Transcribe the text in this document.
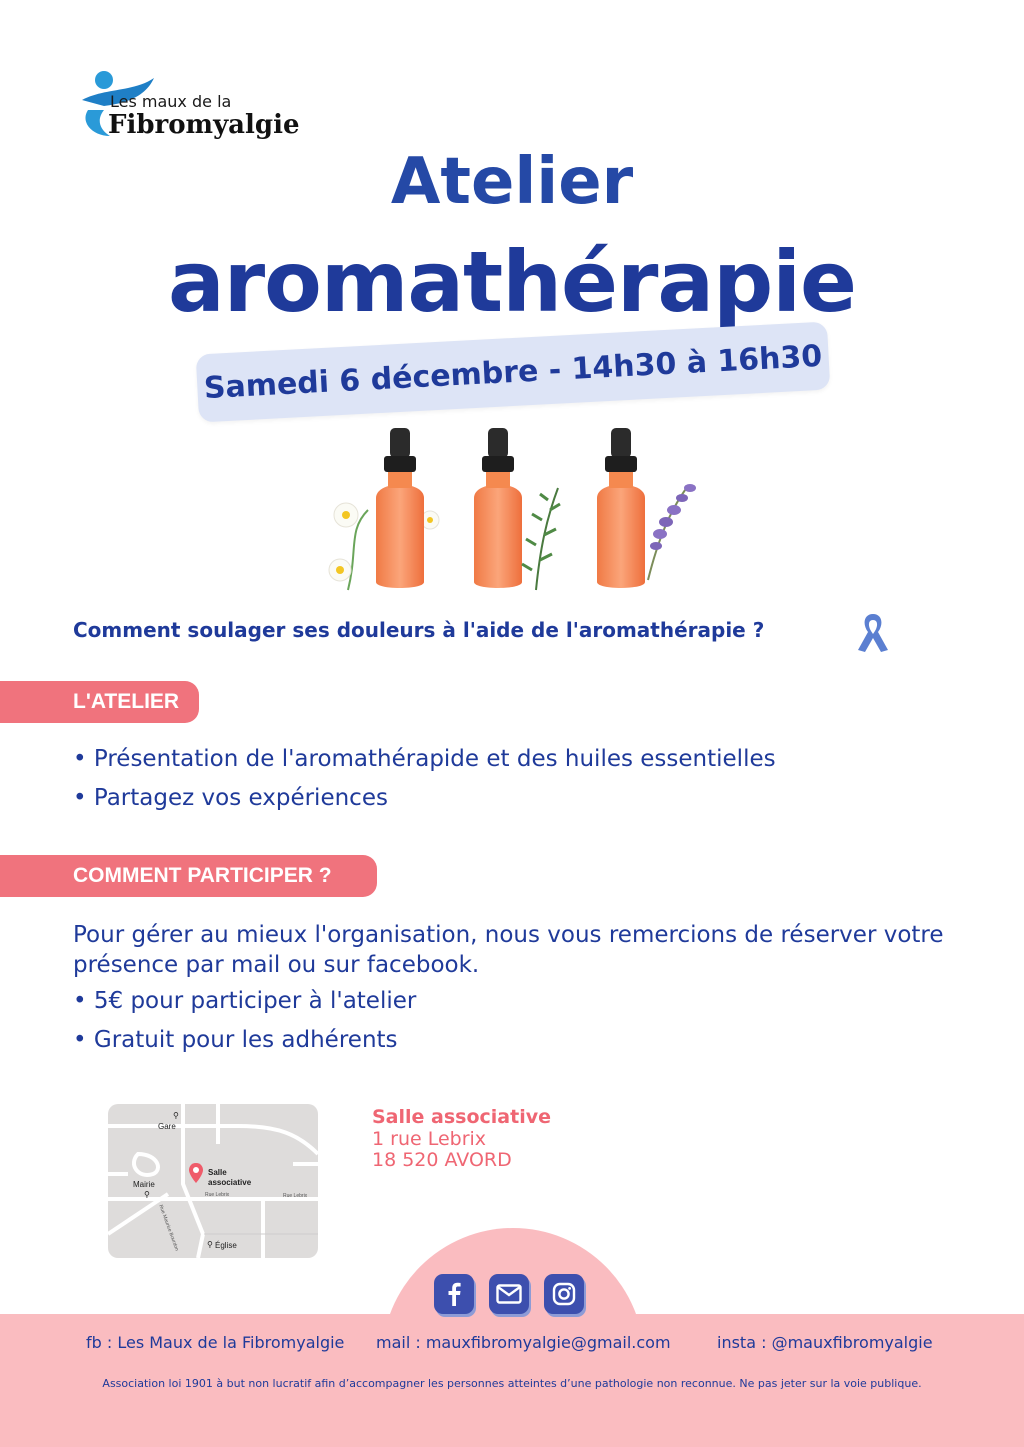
Les maux de la
Fibromyalgie
Atelier
aromathérapie
Samedi 6 décembre - 14h30 à 16h30
Comment soulager ses douleurs à l'aide de l'aromathérapie ?
L'ATELIER
• Présentation de l'aromathérapide et des huiles essentielles
• Partagez vos expériences
COMMENT PARTICIPER ?
Pour gérer au mieux l'organisation, nous vous remercions de réserver votre présence par mail ou sur facebook.
• 5€ pour participer à l'atelier
• Gratuit pour les adhérents
Gare
⚲
Mairie
⚲
⚲ Église
Salle
associative
Rue Lebrix	Rue Lebrix
Rue Maurice Bourdon
Salle associative
1 rue Lebrix
18 520 AVORD
fb : Les Maux de la Fibromyalgie mail : mauxfibromyalgie@gmail.com	insta : @mauxfibromyalgie
Association loi 1901 à but non lucratif afin d’accompagner les personnes atteintes d’une pathologie non reconnue. Ne pas jeter sur la voie publique.
